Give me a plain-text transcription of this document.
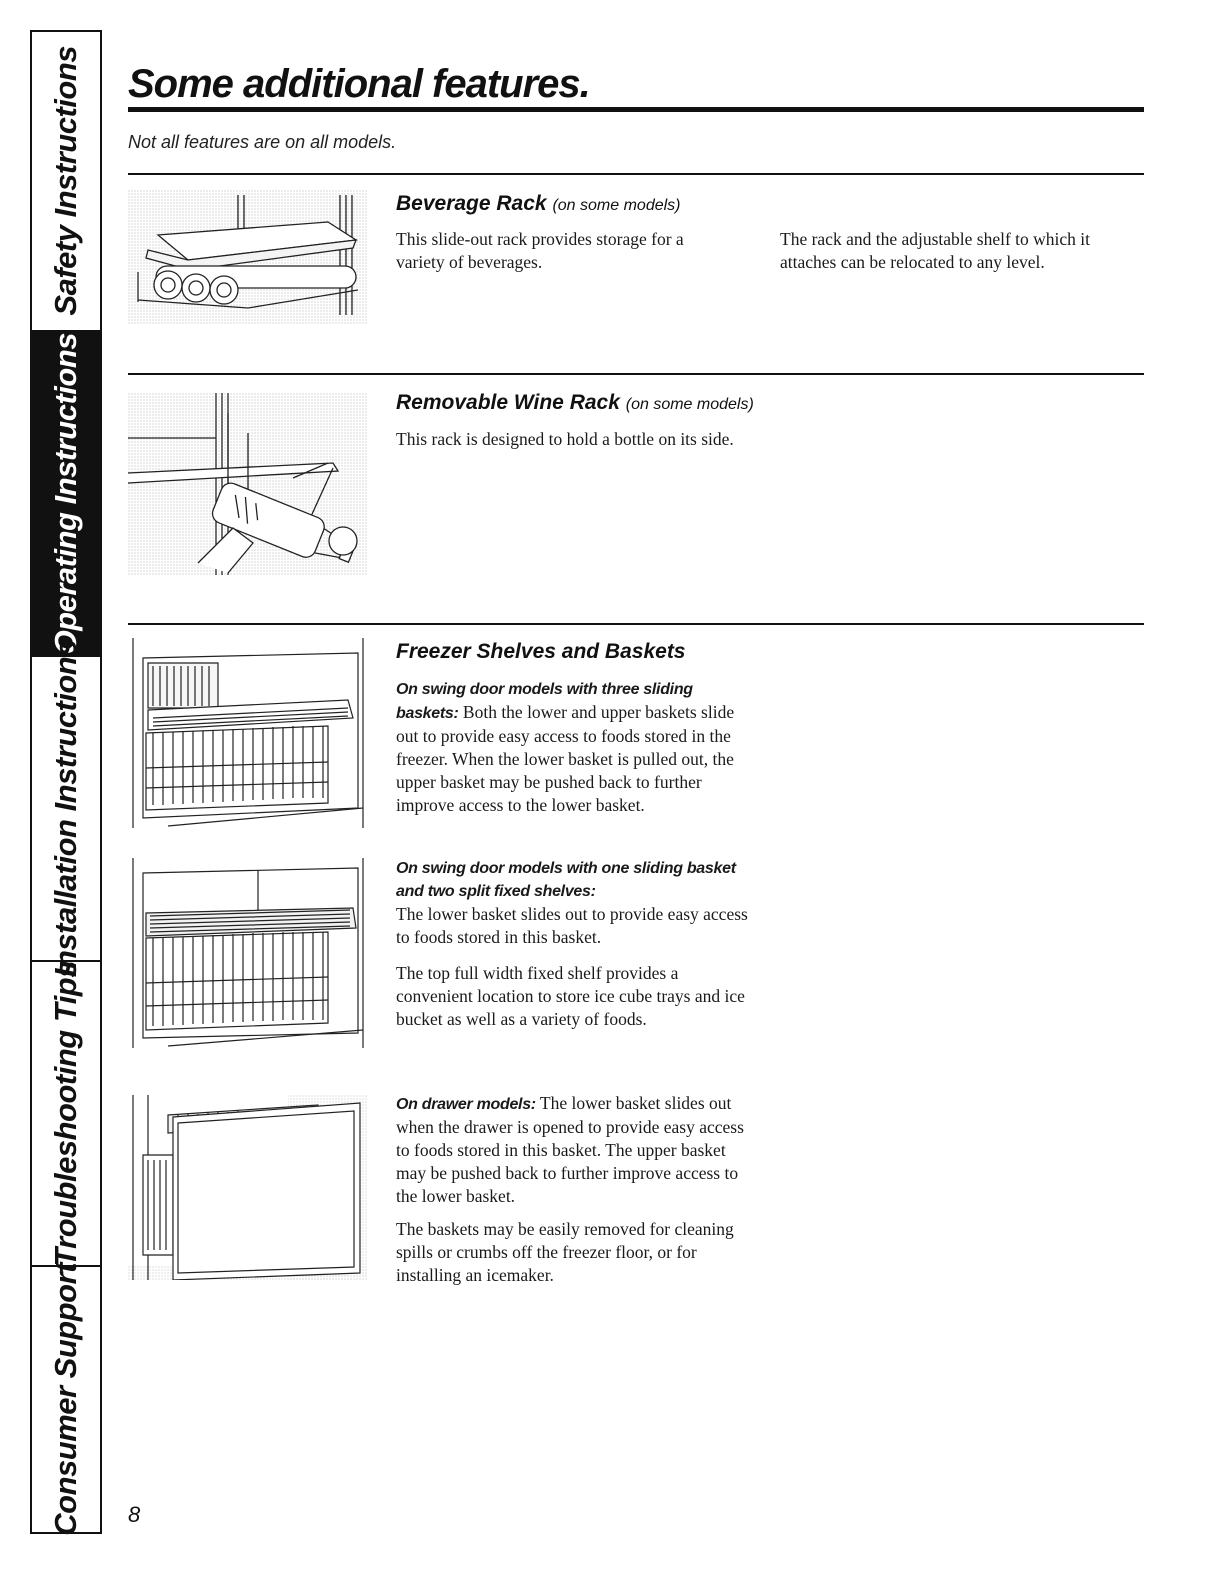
Safety Instructions
Operating Instructions
Installation Instructions
Troubleshooting Tips
Consumer Support
Some additional features.

Not all features are on all models.

Beverage Rack (on some models)

This slide-out rack provides storage for a variety of beverages.

The rack and the adjustable shelf to which it attaches can be relocated to any level.

Removable Wine Rack (on some models)

This rack is designed to hold a bottle on its side.

Freezer Shelves and Baskets

On swing door models with three sliding baskets: Both the lower and upper baskets slide out to provide easy access to foods stored in the freezer. When the lower basket is pulled out, the upper basket may be pushed back to further improve access to the lower basket.

On swing door models with one sliding basket and two split fixed shelves:
The lower basket slides out to provide easy access to foods stored in this basket.

The top full width fixed shelf provides a convenient location to store ice cube trays and ice bucket as well as a variety of foods.

On drawer models: The lower basket slides out when the drawer is opened to provide easy access to foods stored in this basket. The upper basket may be pushed back to further improve access to the lower basket.

The baskets may be easily removed for cleaning spills or crumbs off the freezer floor, or for installing an icemaker.

8
